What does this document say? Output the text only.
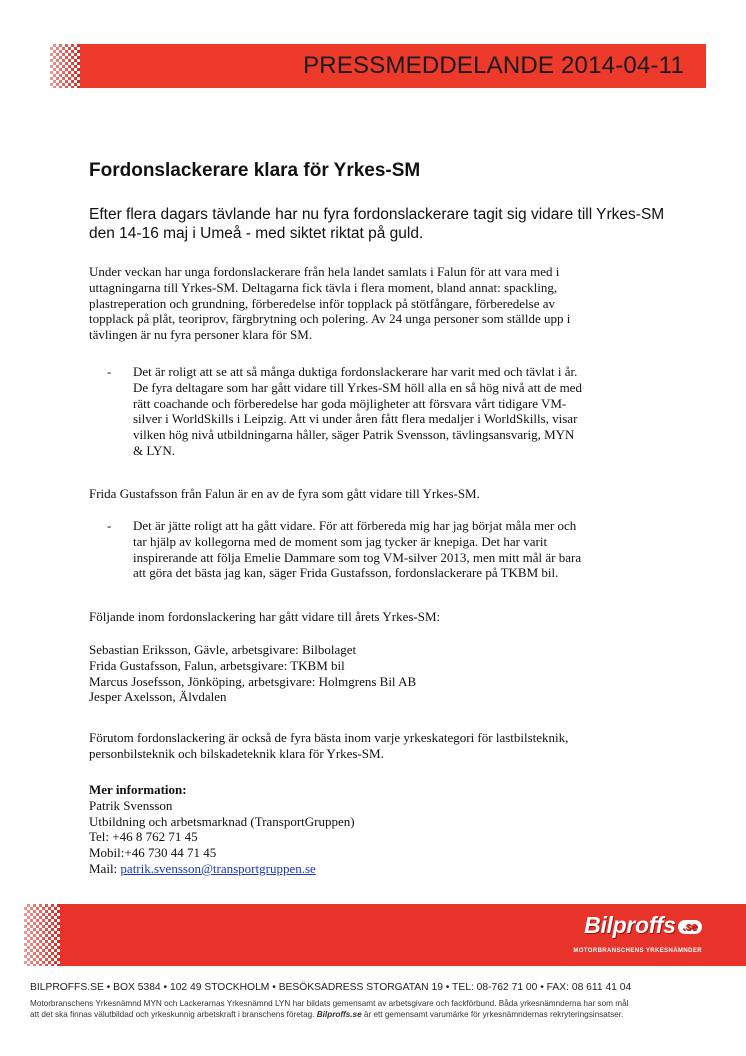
PRESSMEDDELANDE 2014-04-11
Fordonslackerare klara för Yrkes-SM
Efter flera dagars tävlande har nu fyra fordonslackerare tagit sig vidare till Yrkes-SM den 14-16 maj i Umeå - med siktet riktat på guld.
Under veckan har unga fordonslackerare från hela landet samlats i Falun för att vara med i
uttagningarna till Yrkes-SM. Deltagarna fick tävla i flera moment, bland annat: spackling,
plastreperation och grundning, förberedelse inför topplack på stötfångare, förberedelse av
topplack på plåt, teoriprov, färgbrytning och polering. Av 24 unga personer som ställde upp i
tävlingen är nu fyra personer klara för SM.
- Det är roligt att se att så många duktiga fordonslackerare har varit med och tävlat i år.
De fyra deltagare som har gått vidare till Yrkes-SM höll alla en så hög nivå att de med
rätt coachande och förberedelse har goda möjligheter att försvara vårt tidigare VM-
silver i WorldSkills i Leipzig. Att vi under åren fått flera medaljer i WorldSkills, visar
vilken hög nivå utbildningarna håller, säger Patrik Svensson, tävlingsansvarig, MYN
& LYN.
Frida Gustafsson från Falun är en av de fyra som gått vidare till Yrkes-SM.
- Det är jätte roligt att ha gått vidare. För att förbereda mig har jag börjat måla mer och
tar hjälp av kollegorna med de moment som jag tycker är knepiga. Det har varit
inspirerande att följa Emelie Dammare som tog VM-silver 2013, men mitt mål är bara
att göra det bästa jag kan, säger Frida Gustafsson, fordonslackerare på TKBM bil.
Följande inom fordonslackering har gått vidare till årets Yrkes-SM:
Sebastian Eriksson, Gävle, arbetsgivare: Bilbolaget
Frida Gustafsson, Falun, arbetsgivare: TKBM bil
Marcus Josefsson, Jönköping, arbetsgivare: Holmgrens Bil AB
Jesper Axelsson, Älvdalen
Förutom fordonslackering är också de fyra bästa inom varje yrkeskategori för lastbilsteknik,
personbilsteknik och bilskadeteknik klara för Yrkes-SM.
Mer information:
Patrik Svensson
Utbildning och arbetsmarknad (TransportGruppen)
Tel: +46 8 762 71 45
Mobil:+46 730 44 71 45
Mail: patrik.svensson@transportgruppen.se
Bilproffs .se
MOTORBRANSCHENS YRKESNÄMNDER
BILPROFFS.SE • BOX 5384 • 102 49 STOCKHOLM • BESÖKSADRESS STORGATAN 19 • TEL: 08-762 71 00 • FAX: 08 611 41 04
Motorbranschens Yrkesnämnd MYN och Lackerarnas Yrkesnämnd LYN har bildats gemensamt av arbetsgivare och fackförbund. Båda yrkesnämnderna har som mål
att det ska finnas välutbildad och yrkeskunnig arbetskraft i branschens företag. Bilproffs.se är ett gemensamt varumärke för yrkesnämndernas rekryteringsinsatser.
